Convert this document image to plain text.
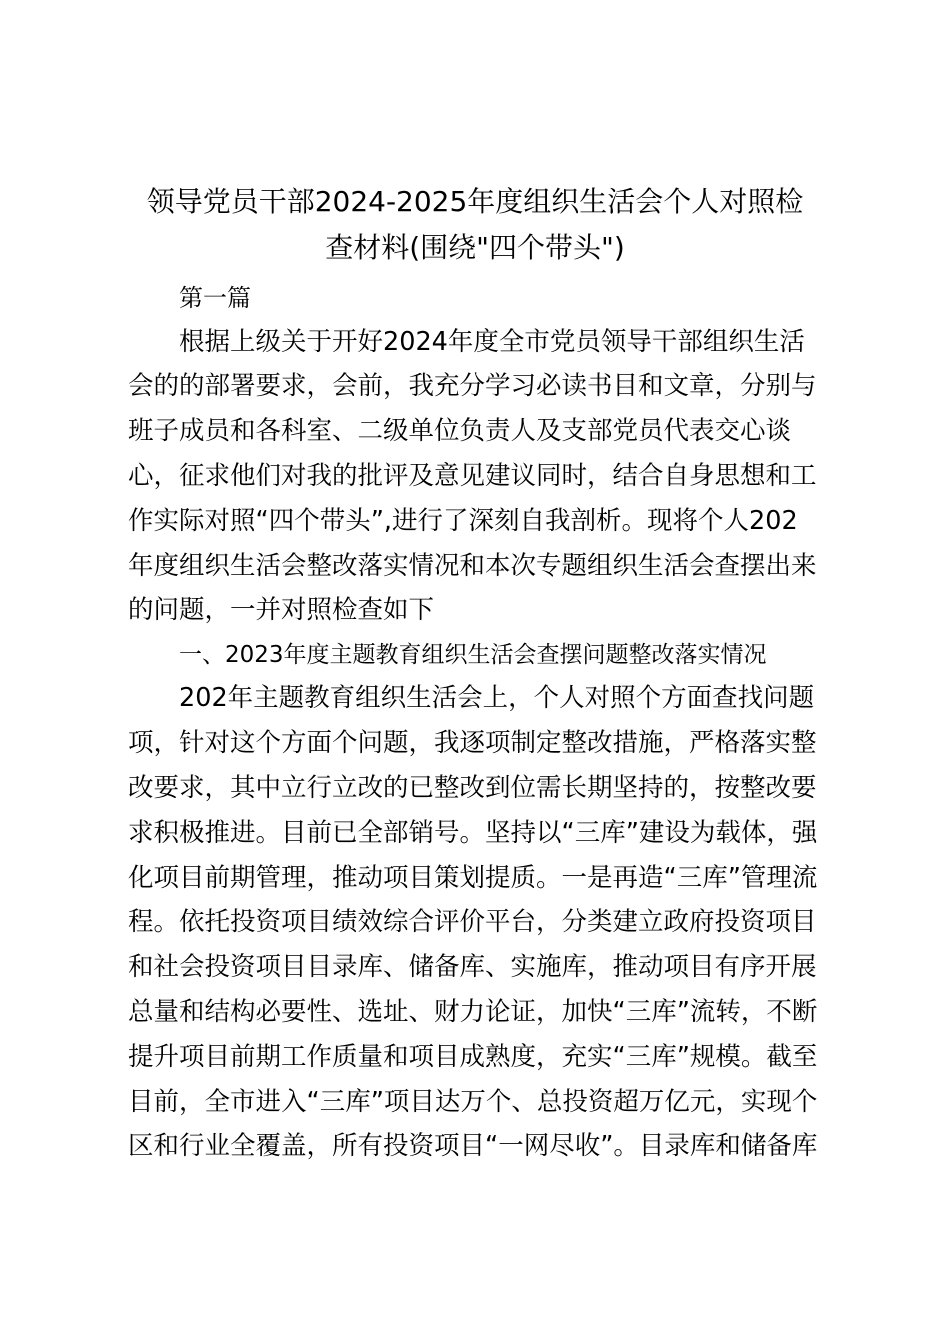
领导党员干部2024-2025年度组织生活会个人对照检
查材料(围绕"四个带头")
第一篇
根据上级关于开好2024年度全市党员领导干部组织生活
会的的部署要求，会前，我充分学习必读书目和文章，分别与
班子成员和各科室、二级单位负责人及支部党员代表交心谈
心，征求他们对我的批评及意见建议同时，结合自身思想和工
作实际对照“四个带头”,进行了深刻自我剖析。现将个人202
年度组织生活会整改落实情况和本次专题组织生活会查摆出来
的问题，一并对照检查如下
一、2023年度主题教育组织生活会查摆问题整改落实情况
202年主题教育组织生活会上，个人对照个方面查找问题
项，针对这个方面个问题，我逐项制定整改措施，严格落实整
改要求，其中立行立改的已整改到位需长期坚持的，按整改要
求积极推进。目前已全部销号。坚持以“三库”建设为载体，强
化项目前期管理，推动项目策划提质。一是再造“三库”管理流
程。依托投资项目绩效综合评价平台，分类建立政府投资项目
和社会投资项目目录库、储备库、实施库，推动项目有序开展
总量和结构必要性、选址、财力论证，加快“三库”流转，不断
提升项目前期工作质量和项目成熟度，充实“三库”规模。截至
目前，全市进入“三库”项目达万个、总投资超万亿元，实现个
区和行业全覆盖，所有投资项目“一网尽收”。目录库和储备库
